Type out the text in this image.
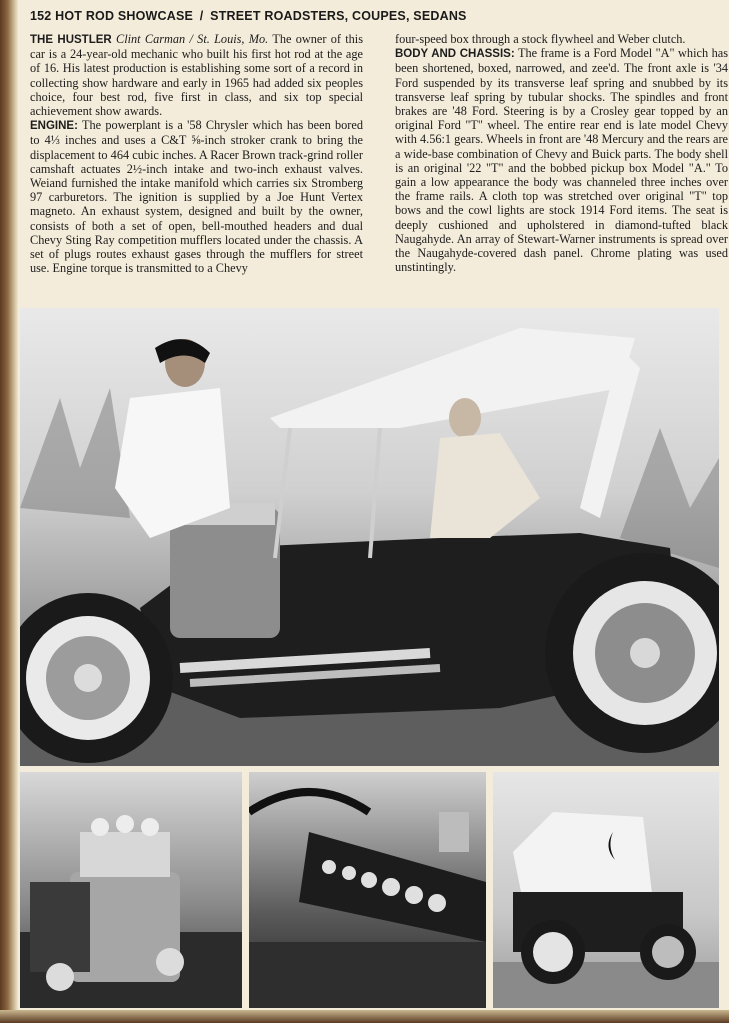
152 HOT ROD SHOWCASE / STREET ROADSTERS, COUPES, SEDANS

THE HUSTLER Clint Carman / St. Louis, Mo. The owner of this car is a 24-year-old mechanic who built his first hot rod at the age of 16. His latest production is establishing some sort of a record in collecting show hardware and early in 1965 had added six peoples choice, four best rod, five first in class, and six top special achievement show awards.

ENGINE: The powerplant is a '58 Chrysler which has been bored to 4⅓ inches and uses a C&T ⅝-inch stroker crank to bring the displacement to 464 cubic inches. A Racer Brown track-grind roller camshaft actuates 2½-inch intake and two-inch exhaust valves. Weiand furnished the intake manifold which carries six Stromberg 97 carburetors. The ignition is supplied by a Joe Hunt Vertex magneto. An exhaust system, designed and built by the owner, consists of both a set of open, bell-mouthed headers and dual Chevy Sting Ray competition mufflers located under the chassis. A set of plugs routes exhaust gases through the mufflers for street use. Engine torque is transmitted to a Chevy

four-speed box through a stock flywheel and Weber clutch.

BODY AND CHASSIS: The frame is a Ford Model "A" which has been shortened, boxed, narrowed, and zee'd. The front axle is '34 Ford suspended by its transverse leaf spring and snubbed by its transverse leaf spring by tubular shocks. The spindles and front brakes are '48 Ford. Steering is by a Crosley gear topped by an original Ford "T" wheel. The entire rear end is late model Chevy with 4.56:1 gears. Wheels in front are '48 Mercury and the rears are a wide-base combination of Chevy and Buick parts. The body shell is an original '22 "T" and the bobbed pickup box Model "A." To gain a low appearance the body was channeled three inches over the frame rails. A cloth top was stretched over original "T" top bows and the cowl lights are stock 1914 Ford items. The seat is deeply cushioned and upholstered in diamond-tufted black Naugahyde. An array of Stewart-Warner instruments is spread over the Naugahyde-covered dash panel. Chrome plating was used unstintingly.
